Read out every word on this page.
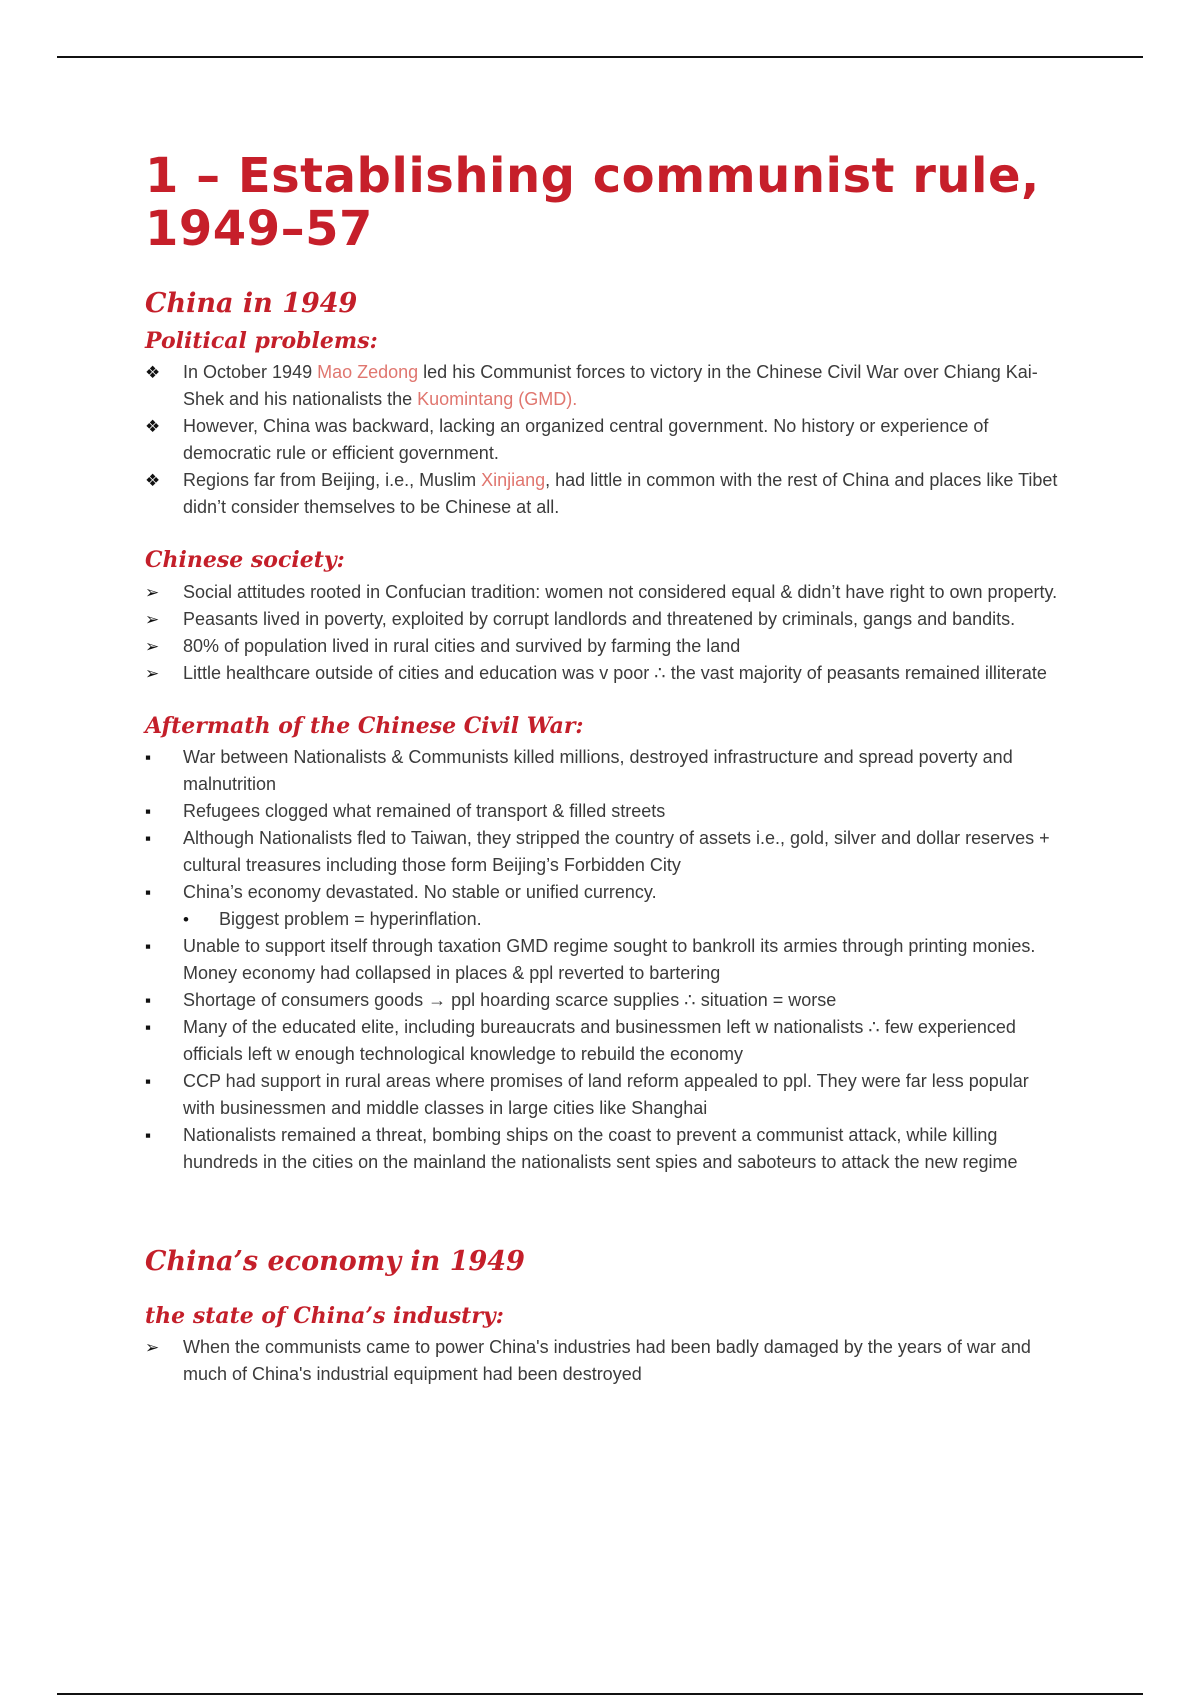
1 – Establishing communist rule, 1949–57
China in 1949
Political problems:
❖	In October 1949 Mao Zedong led his Communist forces to victory in the Chinese Civil War over Chiang Kai-Shek and his nationalists the Kuomintang (GMD).
❖	However, China was backward, lacking an organized central government. No history or experience of democratic rule or efficient government.
❖	Regions far from Beijing, i.e., Muslim Xinjiang, had little in common with the rest of China and places like Tibet didn’t consider themselves to be Chinese at all.
Chinese society:
➢	Social attitudes rooted in Confucian tradition: women not considered equal & didn’t have right to own property.
➢	Peasants lived in poverty, exploited by corrupt landlords and threatened by criminals, gangs and bandits.
➢	80% of population lived in rural cities and survived by farming the land
➢	Little healthcare outside of cities and education was v poor ∴ the vast majority of peasants remained illiterate
Aftermath of the Chinese Civil War:
▪	War between Nationalists & Communists killed millions, destroyed infrastructure and spread poverty and malnutrition
▪	Refugees clogged what remained of transport & filled streets
▪	Although Nationalists fled to Taiwan, they stripped the country of assets i.e., gold, silver and dollar reserves + cultural treasures including those form Beijing’s Forbidden City
▪	China’s economy devastated. No stable or unified currency.
•	Biggest problem = hyperinflation.
▪	Unable to support itself through taxation GMD regime sought to bankroll its armies through printing monies. Money economy had collapsed in places & ppl reverted to bartering
▪	Shortage of consumers goods → ppl hoarding scarce supplies ∴ situation = worse
▪	Many of the educated elite, including bureaucrats and businessmen left w nationalists ∴ few experienced officials left w enough technological knowledge to rebuild the economy
▪	CCP had support in rural areas where promises of land reform appealed to ppl. They were far less popular with businessmen and middle classes in large cities like Shanghai
▪	Nationalists remained a threat, bombing ships on the coast to prevent a communist attack, while killing hundreds in the cities on the mainland the nationalists sent spies and saboteurs to attack the new regime
China’s economy in 1949
the state of China’s industry:
➢	When the communists came to power China's industries had been badly damaged by the years of war and much of China's industrial equipment had been destroyed
